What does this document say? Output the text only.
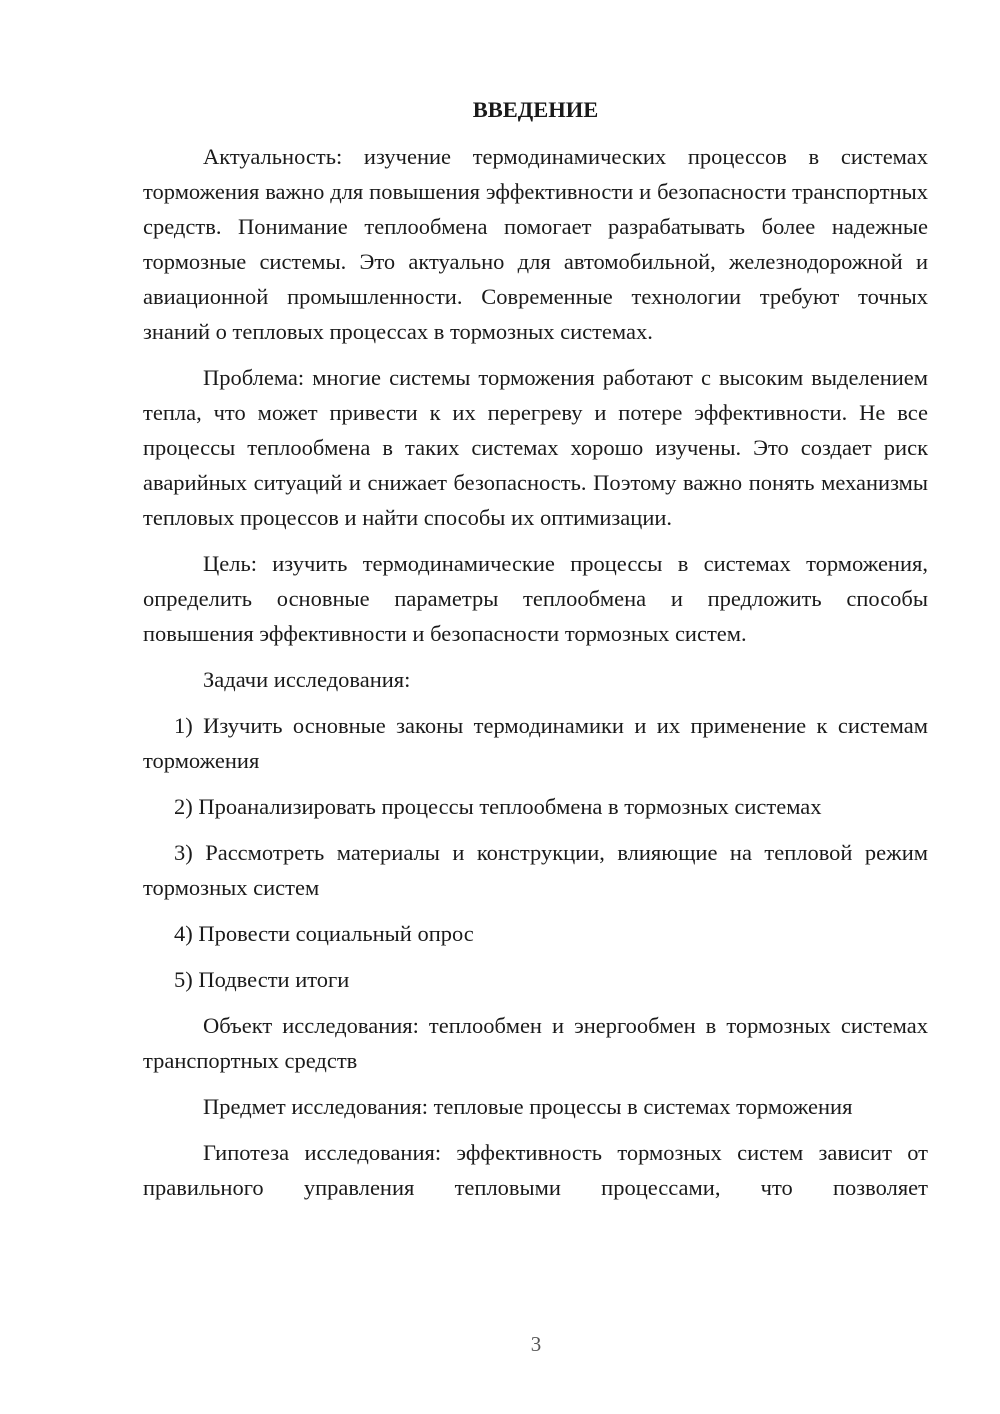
ВВЕДЕНИЕ

Актуальность: изучение термодинамических процессов в системах торможения важно для повышения эффективности и безопасности транспортных средств. Понимание теплообмена помогает разрабатывать более надежные тормозные системы. Это актуально для автомобильной, железнодорожной и авиационной промышленности. Современные технологии требуют точных знаний о тепловых процессах в тормозных системах.

Проблема: многие системы торможения работают с высоким выделением тепла, что может привести к их перегреву и потере эффективности. Не все процессы теплообмена в таких системах хорошо изучены. Это создает риск аварийных ситуаций и снижает безопасность. Поэтому важно понять механизмы тепловых процессов и найти способы их оптимизации.

Цель: изучить термодинамические процессы в системах торможения, определить основные параметры теплообмена и предложить способы повышения эффективности и безопасности тормозных систем.

Задачи исследования:

1) Изучить основные законы термодинамики и их применение к системам торможения

2) Проанализировать процессы теплообмена в тормозных системах

3) Рассмотреть материалы и конструкции, влияющие на тепловой режим тормозных систем

4) Провести социальный опрос

5) Подвести итоги

Объект исследования: теплообмен и энергообмен в тормозных системах транспортных средств

Предмет исследования: тепловые процессы в системах торможения

Гипотеза исследования: эффективность тормозных систем зависит от правильного управления тепловыми процессами, что позволяет

3
